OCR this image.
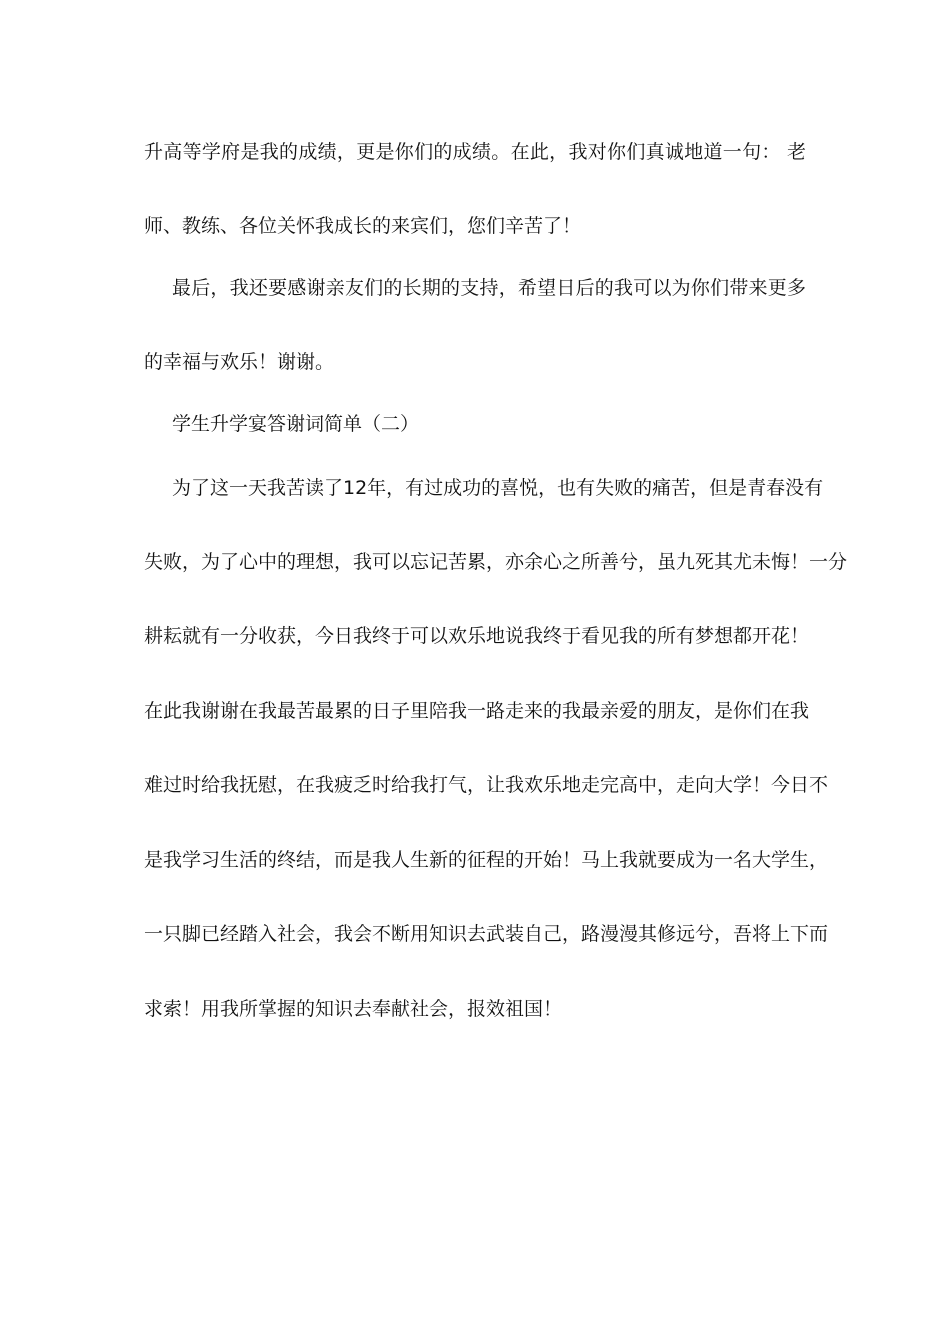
升高等学府是我的成绩，更是你们的成绩。在此，我对你们真诚地道一句： 老
师、教练、各位关怀我成长的来宾们，您们辛苦了！
最后，我还要感谢亲友们的长期的支持，希望日后的我可以为你们带来更多
的幸福与欢乐！谢谢。
学生升学宴答谢词简单（二）
为了这一天我苦读了12年，有过成功的喜悦，也有失败的痛苦，但是青春没有
失败，为了心中的理想，我可以忘记苦累，亦余心之所善兮，虽九死其尤未悔！一分
耕耘就有一分收获，今日我终于可以欢乐地说我终于看见我的所有梦想都开花！
在此我谢谢在我最苦最累的日子里陪我一路走来的我最亲爱的朋友，是你们在我
难过时给我抚慰，在我疲乏时给我打气，让我欢乐地走完高中，走向大学！今日不
是我学习生活的终结，而是我人生新的征程的开始！马上我就要成为一名大学生，
一只脚已经踏入社会，我会不断用知识去武装自己，路漫漫其修远兮，吾将上下而
求索！用我所掌握的知识去奉献社会，报效祖国！
